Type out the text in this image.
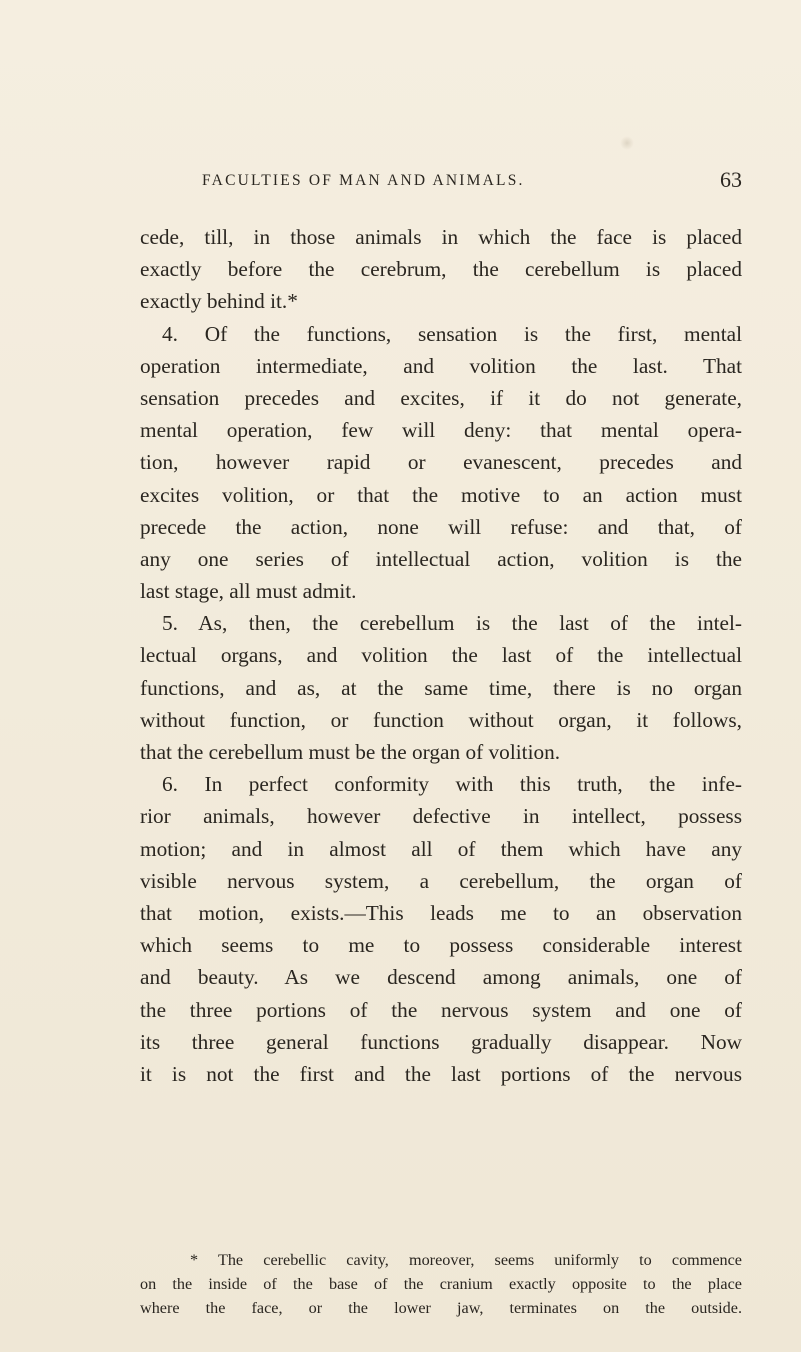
FACULTIES OF MAN AND ANIMALS.	63
cede, till, in those animals in which the face is placed
exactly before the cerebrum, the cerebellum is placed
exactly behind it.*
4. Of the functions, sensation is the first, mental
operation intermediate, and volition the last. That
sensation precedes and excites, if it do not generate,
mental operation, few will deny: that mental opera-
tion, however rapid or evanescent, precedes and
excites volition, or that the motive to an action must
precede the action, none will refuse: and that, of
any one series of intellectual action, volition is the
last stage, all must admit.
5. As, then, the cerebellum is the last of the intel-
lectual organs, and volition the last of the intellectual
functions, and as, at the same time, there is no organ
without function, or function without organ, it follows,
that the cerebellum must be the organ of volition.
6. In perfect conformity with this truth, the infe-
rior animals, however defective in intellect, possess
motion; and in almost all of them which have any
visible nervous system, a cerebellum, the organ of
that motion, exists.—This leads me to an observation
which seems to me to possess considerable interest
and beauty. As we descend among animals, one of
the three portions of the nervous system and one of
its three general functions gradually disappear. Now
it is not the first and the last portions of the nervous
* The cerebellic cavity, moreover, seems uniformly to commence
on the inside of the base of the cranium exactly opposite to the place
where the face, or the lower jaw, terminates on the outside.
